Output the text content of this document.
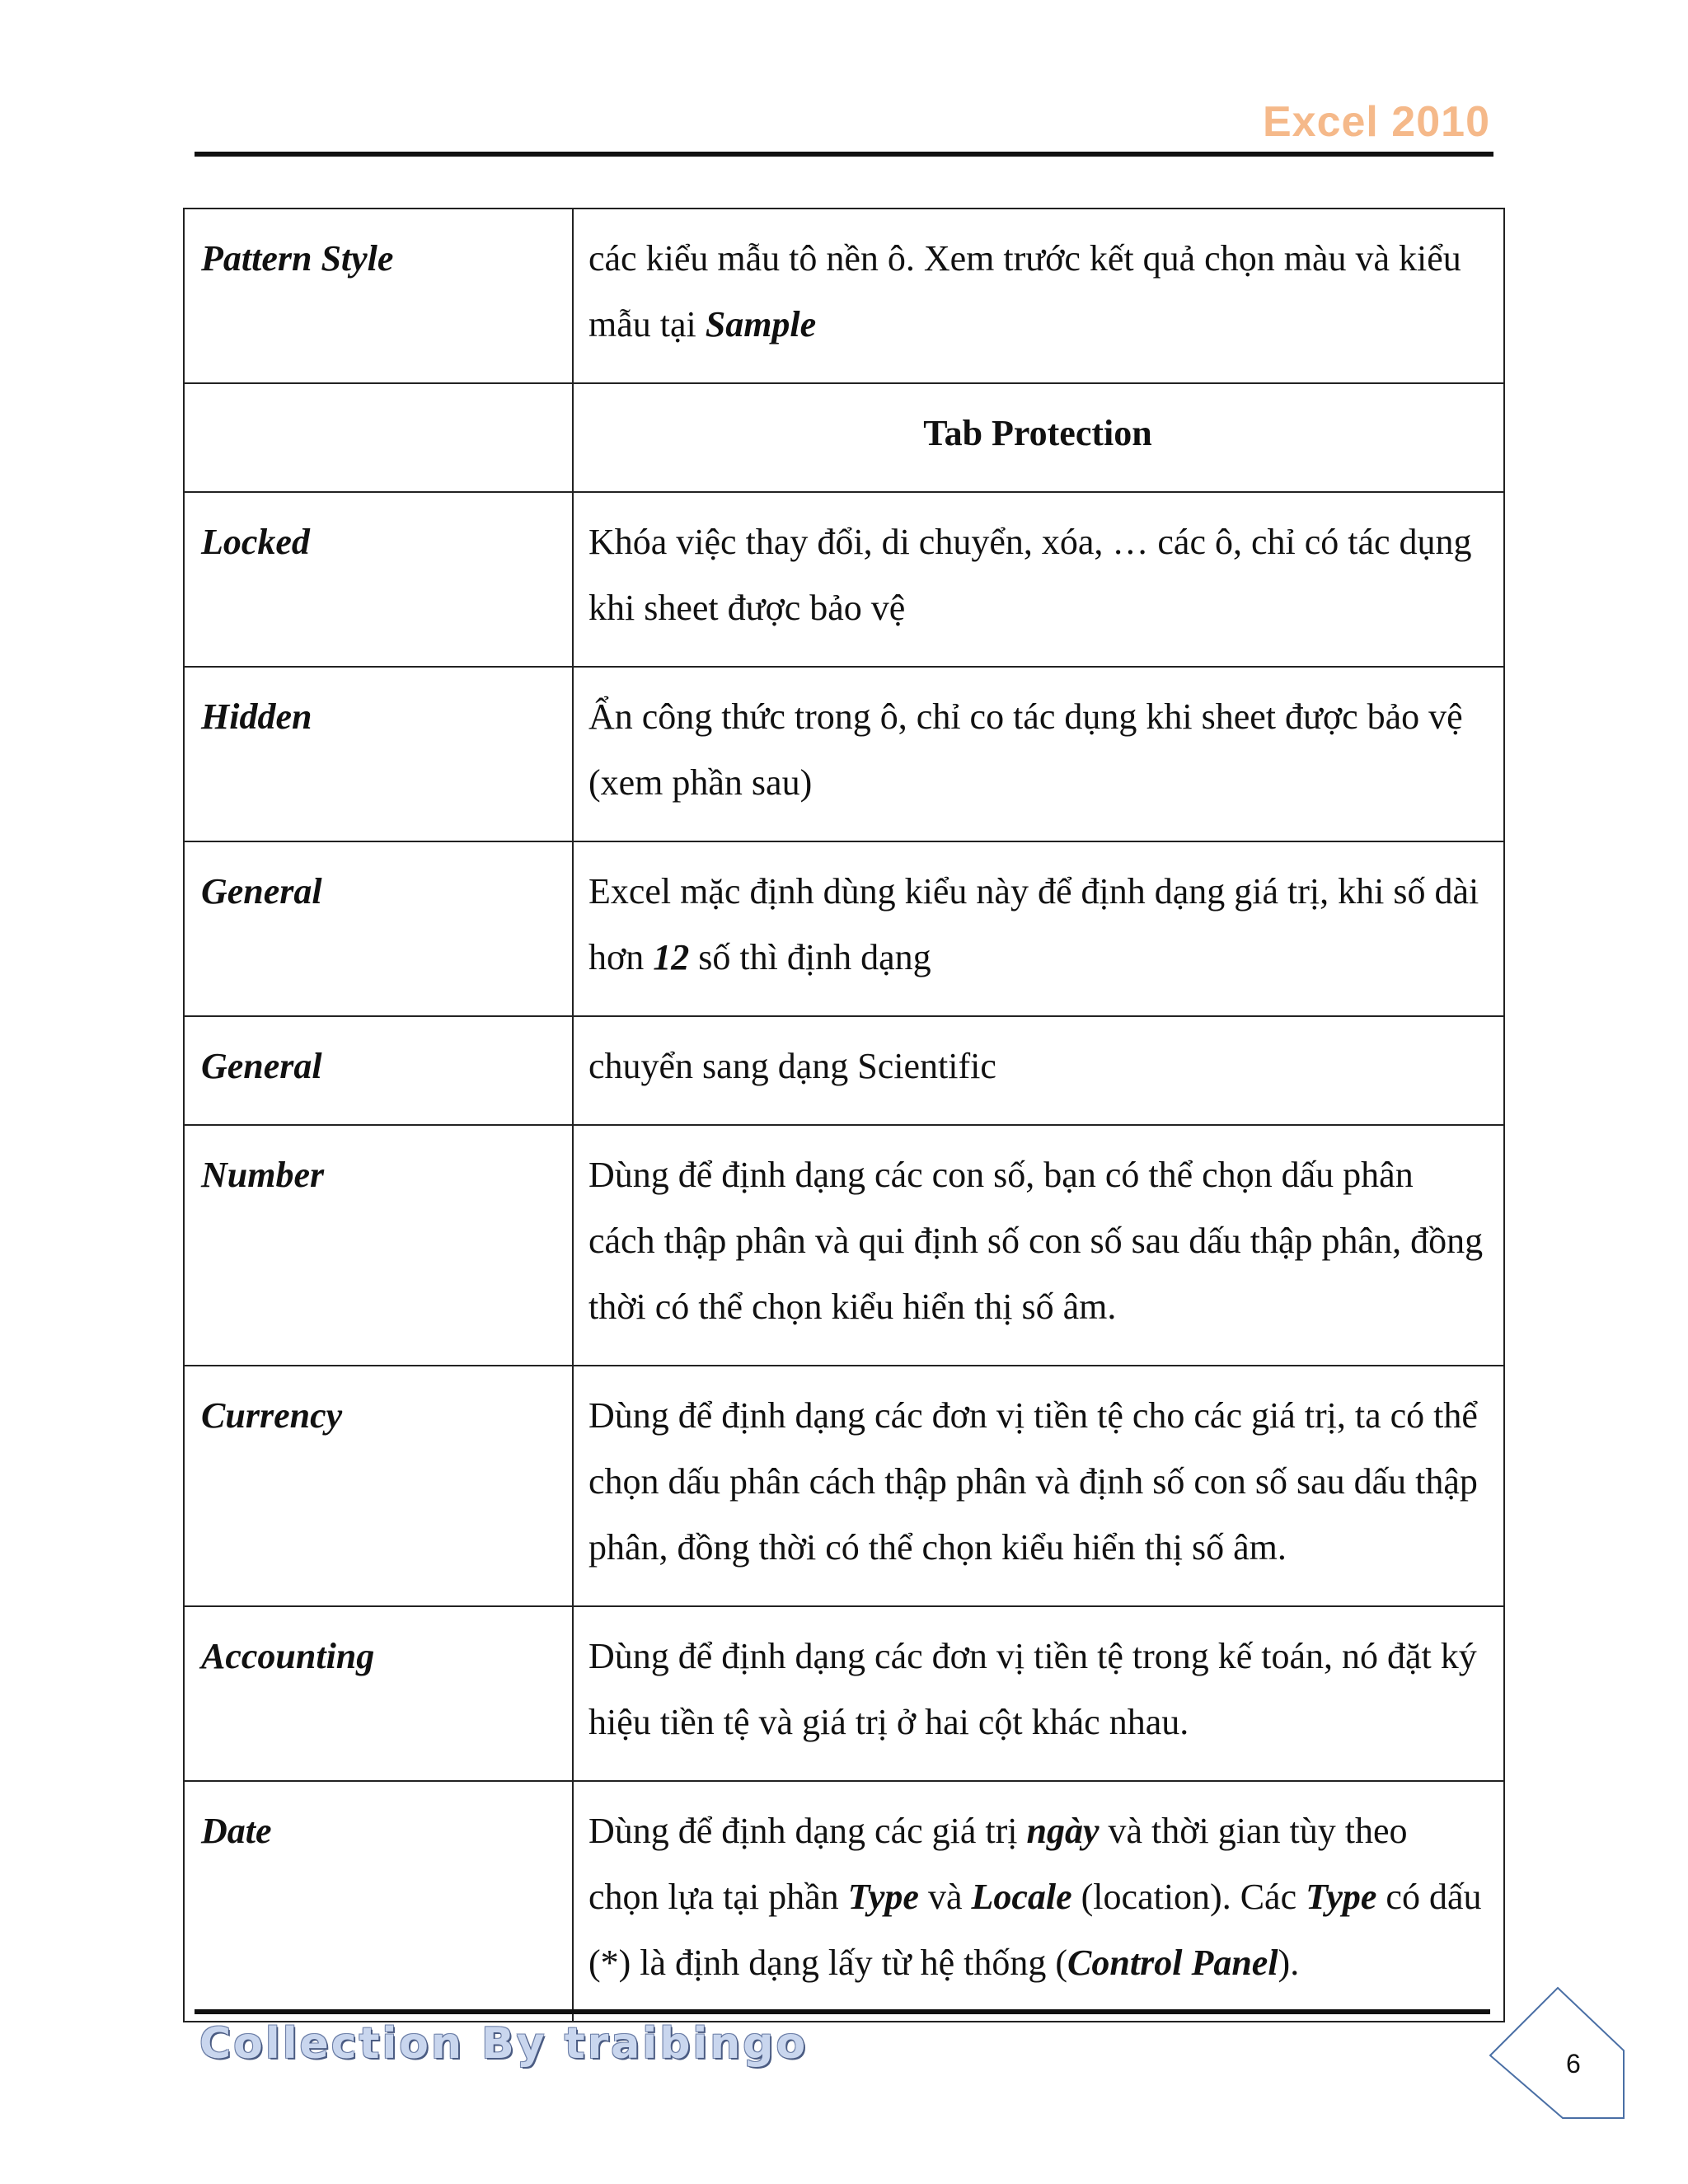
Excel 2010
Pattern Style	các kiểu mẫu tô nền ô. Xem trước kết quả chọn màu và kiểu mẫu tại Sample
	Tab Protection
Locked	Khóa việc thay đổi, di chuyển, xóa, … các ô, chỉ có tác dụng khi sheet được bảo vệ
Hidden	Ẩn công thức trong ô, chỉ co tác dụng khi sheet được bảo vệ (xem phần sau)
General	Excel mặc định dùng kiểu này để định dạng giá trị, khi số dài hơn 12 số thì định dạng
General	chuyển sang dạng Scientific
Number	Dùng để định dạng các con số, bạn có thể chọn dấu phân cách thập phân và qui định số con số sau dấu thập phân, đồng thời có thể chọn kiểu hiển thị số âm.
Currency	Dùng để định dạng các đơn vị tiền tệ cho các giá trị, ta có thể chọn dấu phân cách thập phân và định số con số sau dấu thập phân, đồng thời có thể chọn kiểu hiển thị số âm.
Accounting	Dùng để định dạng các đơn vị tiền tệ trong kế toán, nó đặt ký hiệu tiền tệ và giá trị ở hai cột khác nhau.
Date	Dùng để định dạng các giá trị ngày và thời gian tùy theo chọn lựa tại phần Type và Locale (location). Các Type có dấu (*) là định dạng lấy từ hệ thống (Control Panel).
Collection By traibingo	6
